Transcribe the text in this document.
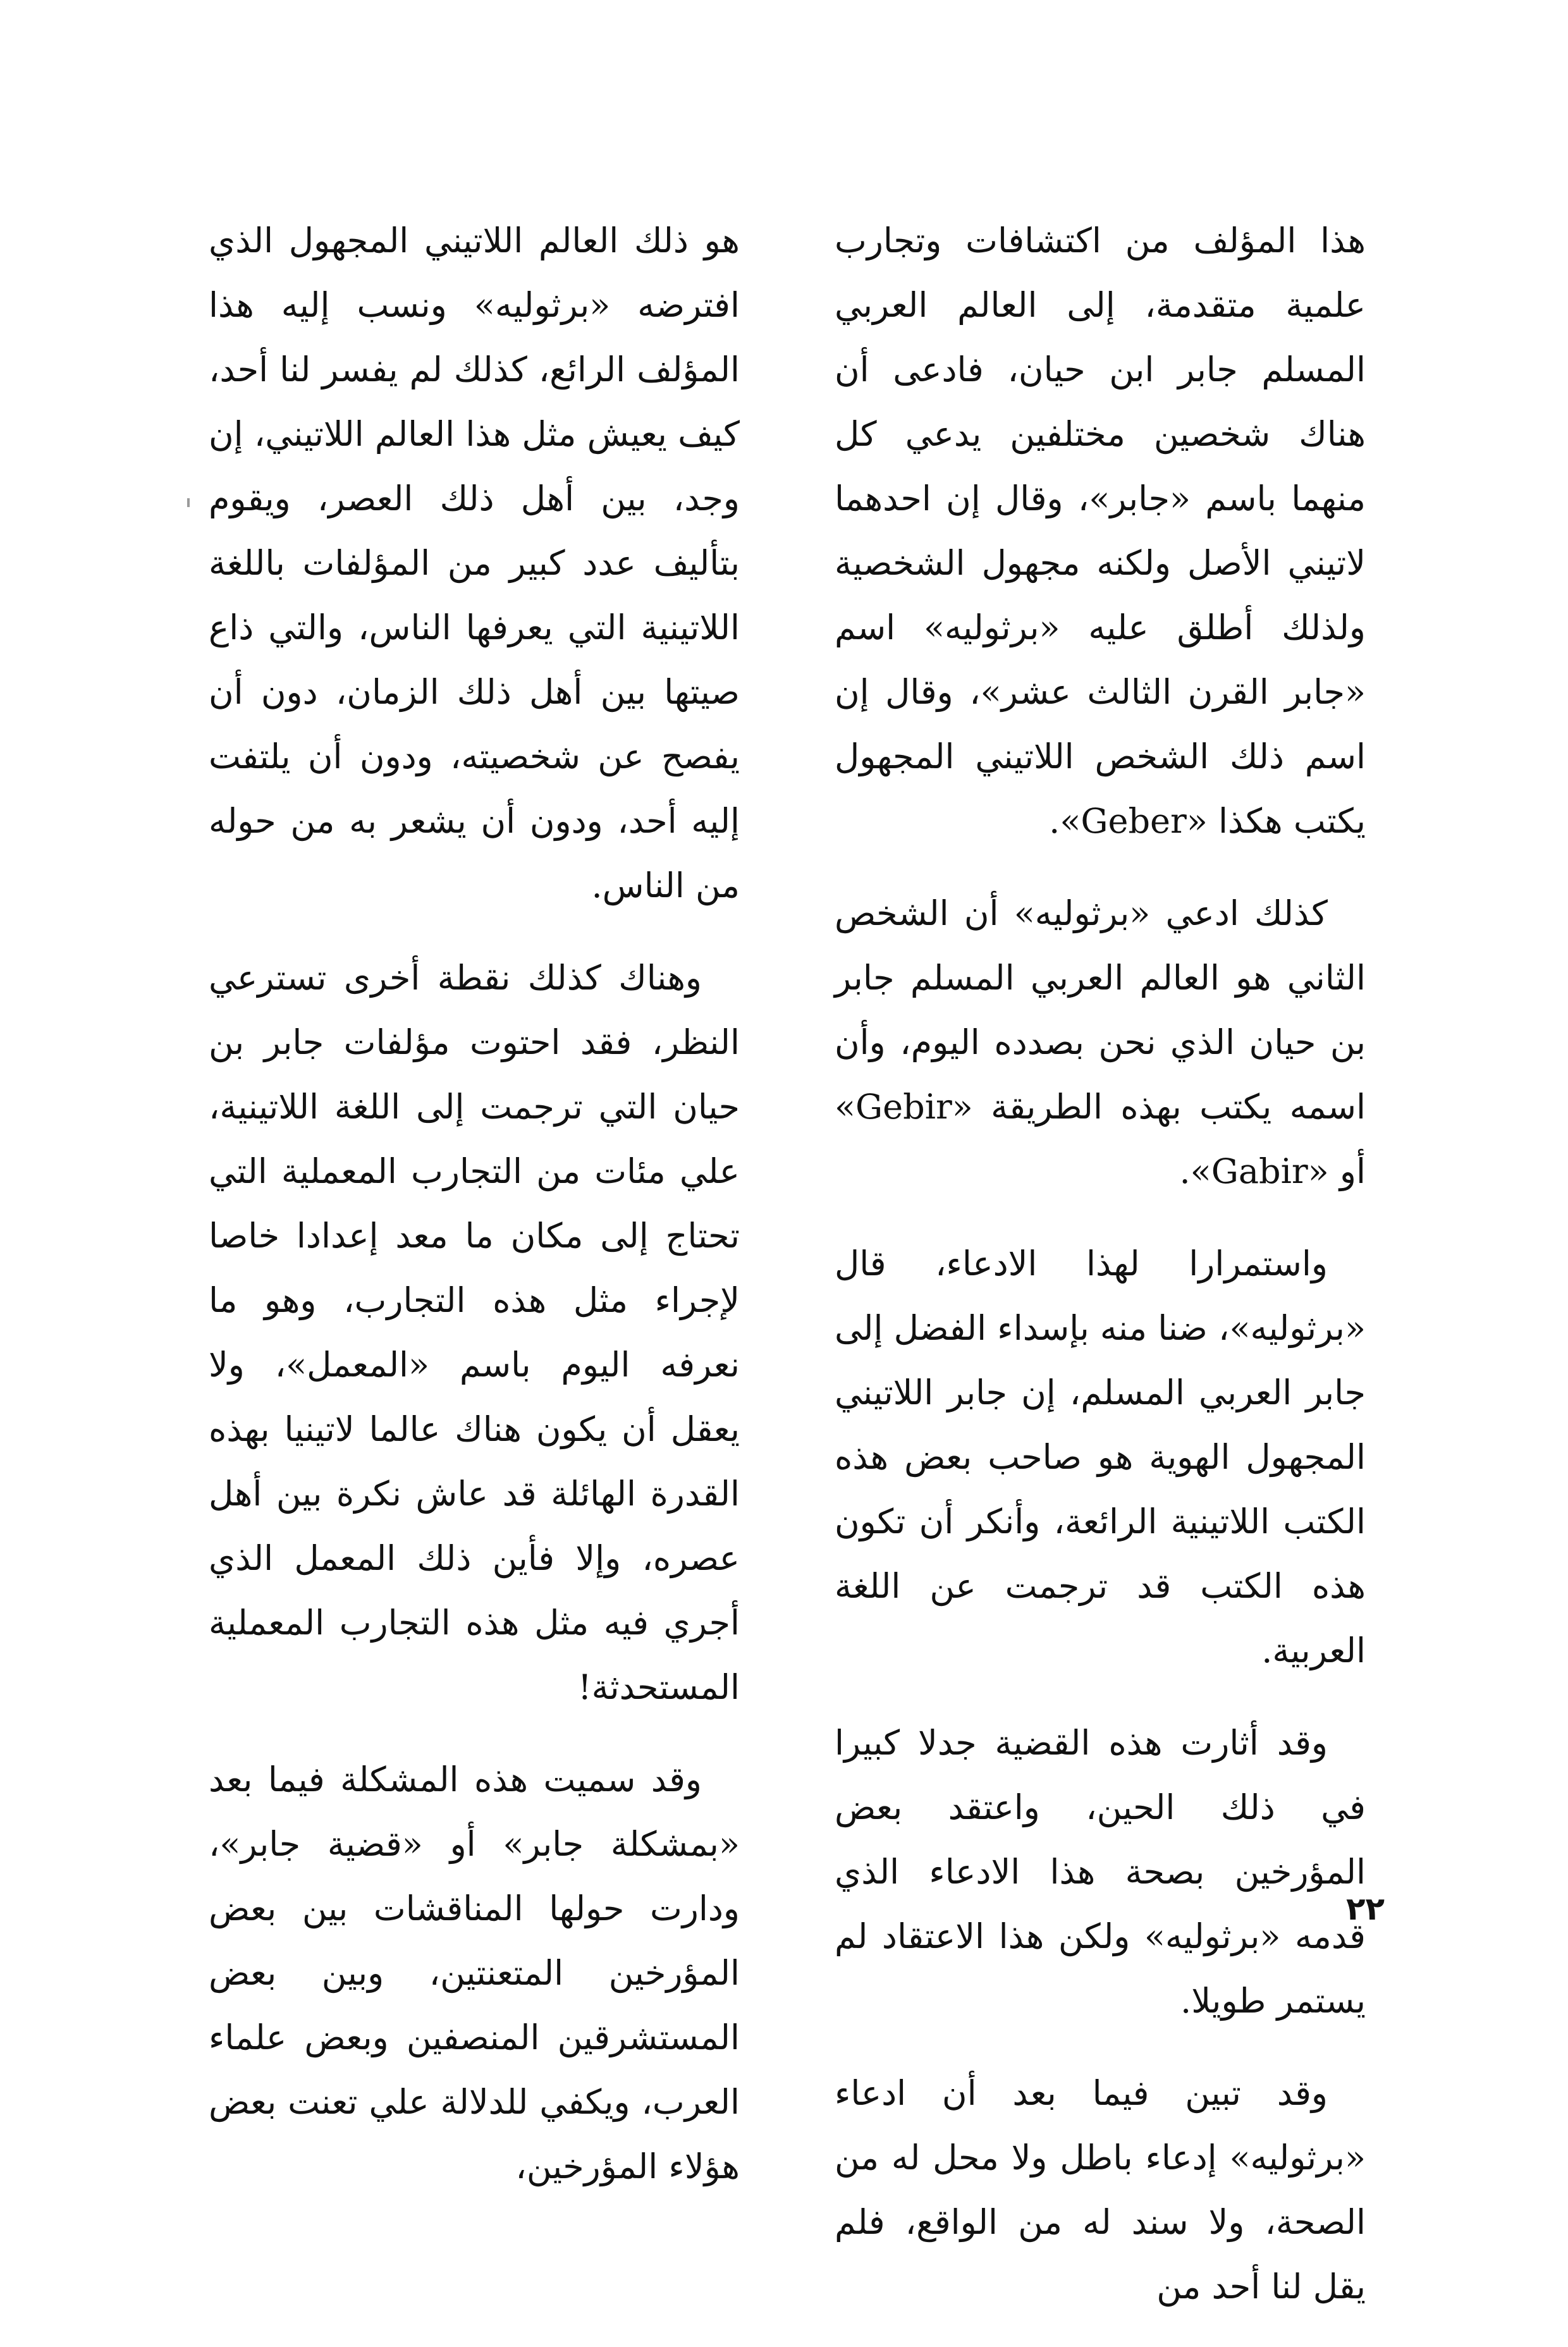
هذا المؤلف من اكتشافات وتجارب علمية متقدمة، إلى العالم العربي المسلم جابر ابن حيان، فادعى أن هناك شخصين مختلفين يدعي كل منهما باسم «جابر»، وقال إن احدهما لاتيني الأصل ولكنه مجهول الشخصية ولذلك أطلق عليه «برثوليه» اسم «جابر القرن الثالث عشر»، وقال إن اسم ذلك الشخص اللاتيني المجهول يكتب هكذا «Geber».

كذلك ادعي «برثوليه» أن الشخص الثاني هو العالم العربي المسلم جابر بن حيان الذي نحن بصدده اليوم، وأن اسمه يكتب بهذه الطريقة «Gebir» أو «Gabir».

واستمرارا لهذا الادعاء، قال «برثوليه»، ضنا منه بإسداء الفضل إلى جابر العربي المسلم، إن جابر اللاتيني المجهول الهوية هو صاحب بعض هذه الكتب اللاتينية الرائعة، وأنكر أن تكون هذه الكتب قد ترجمت عن اللغة العربية.

وقد أثارت هذه القضية جدلا كبيرا في ذلك الحين، واعتقد بعض المؤرخين بصحة هذا الادعاء الذي قدمه «برثوليه» ولكن هذا الاعتقاد لم يستمر طويلا.

وقد تبين فيما بعد أن ادعاء «برثوليه» إدعاء باطل ولا محل له من الصحة، ولا سند له من الواقع، فلم يقل لنا أحد من

هو ذلك العالم اللاتيني المجهول الذي افترضه «برثوليه» ونسب إليه هذا المؤلف الرائع، كذلك لم يفسر لنا أحد، كيف يعيش مثل هذا العالم اللاتيني، إن وجد، بين أهل ذلك العصر، ويقوم بتأليف عدد كبير من المؤلفات باللغة اللاتينية التي يعرفها الناس، والتي ذاع صيتها بين أهل ذلك الزمان، دون أن يفصح عن شخصيته، ودون أن يلتفت إليه أحد، ودون أن يشعر به من حوله من الناس.

وهناك كذلك نقطة أخرى تسترعي النظر، فقد احتوت مؤلفات جابر بن حيان التي ترجمت إلى اللغة اللاتينية، علي مئات من التجارب المعملية التي تحتاج إلى مكان ما معد إعدادا خاصا لإجراء مثل هذه التجارب، وهو ما نعرفه اليوم باسم «المعمل»، ولا يعقل أن يكون هناك عالما لاتينيا بهذه القدرة الهائلة قد عاش نكرة بين أهل عصره، وإلا فأين ذلك المعمل الذي أجري فيه مثل هذه التجارب المعملية المستحدثة!

وقد سميت هذه المشكلة فيما بعد «بمشكلة جابر» أو «قضية جابر»، ودارت حولها المناقشات بين بعض المؤرخين المتعنتين، وبين بعض المستشرقين المنصفين وبعض علماء العرب، ويكفي للدلالة علي تعنت بعض هؤلاء المؤرخين،

٢٢
